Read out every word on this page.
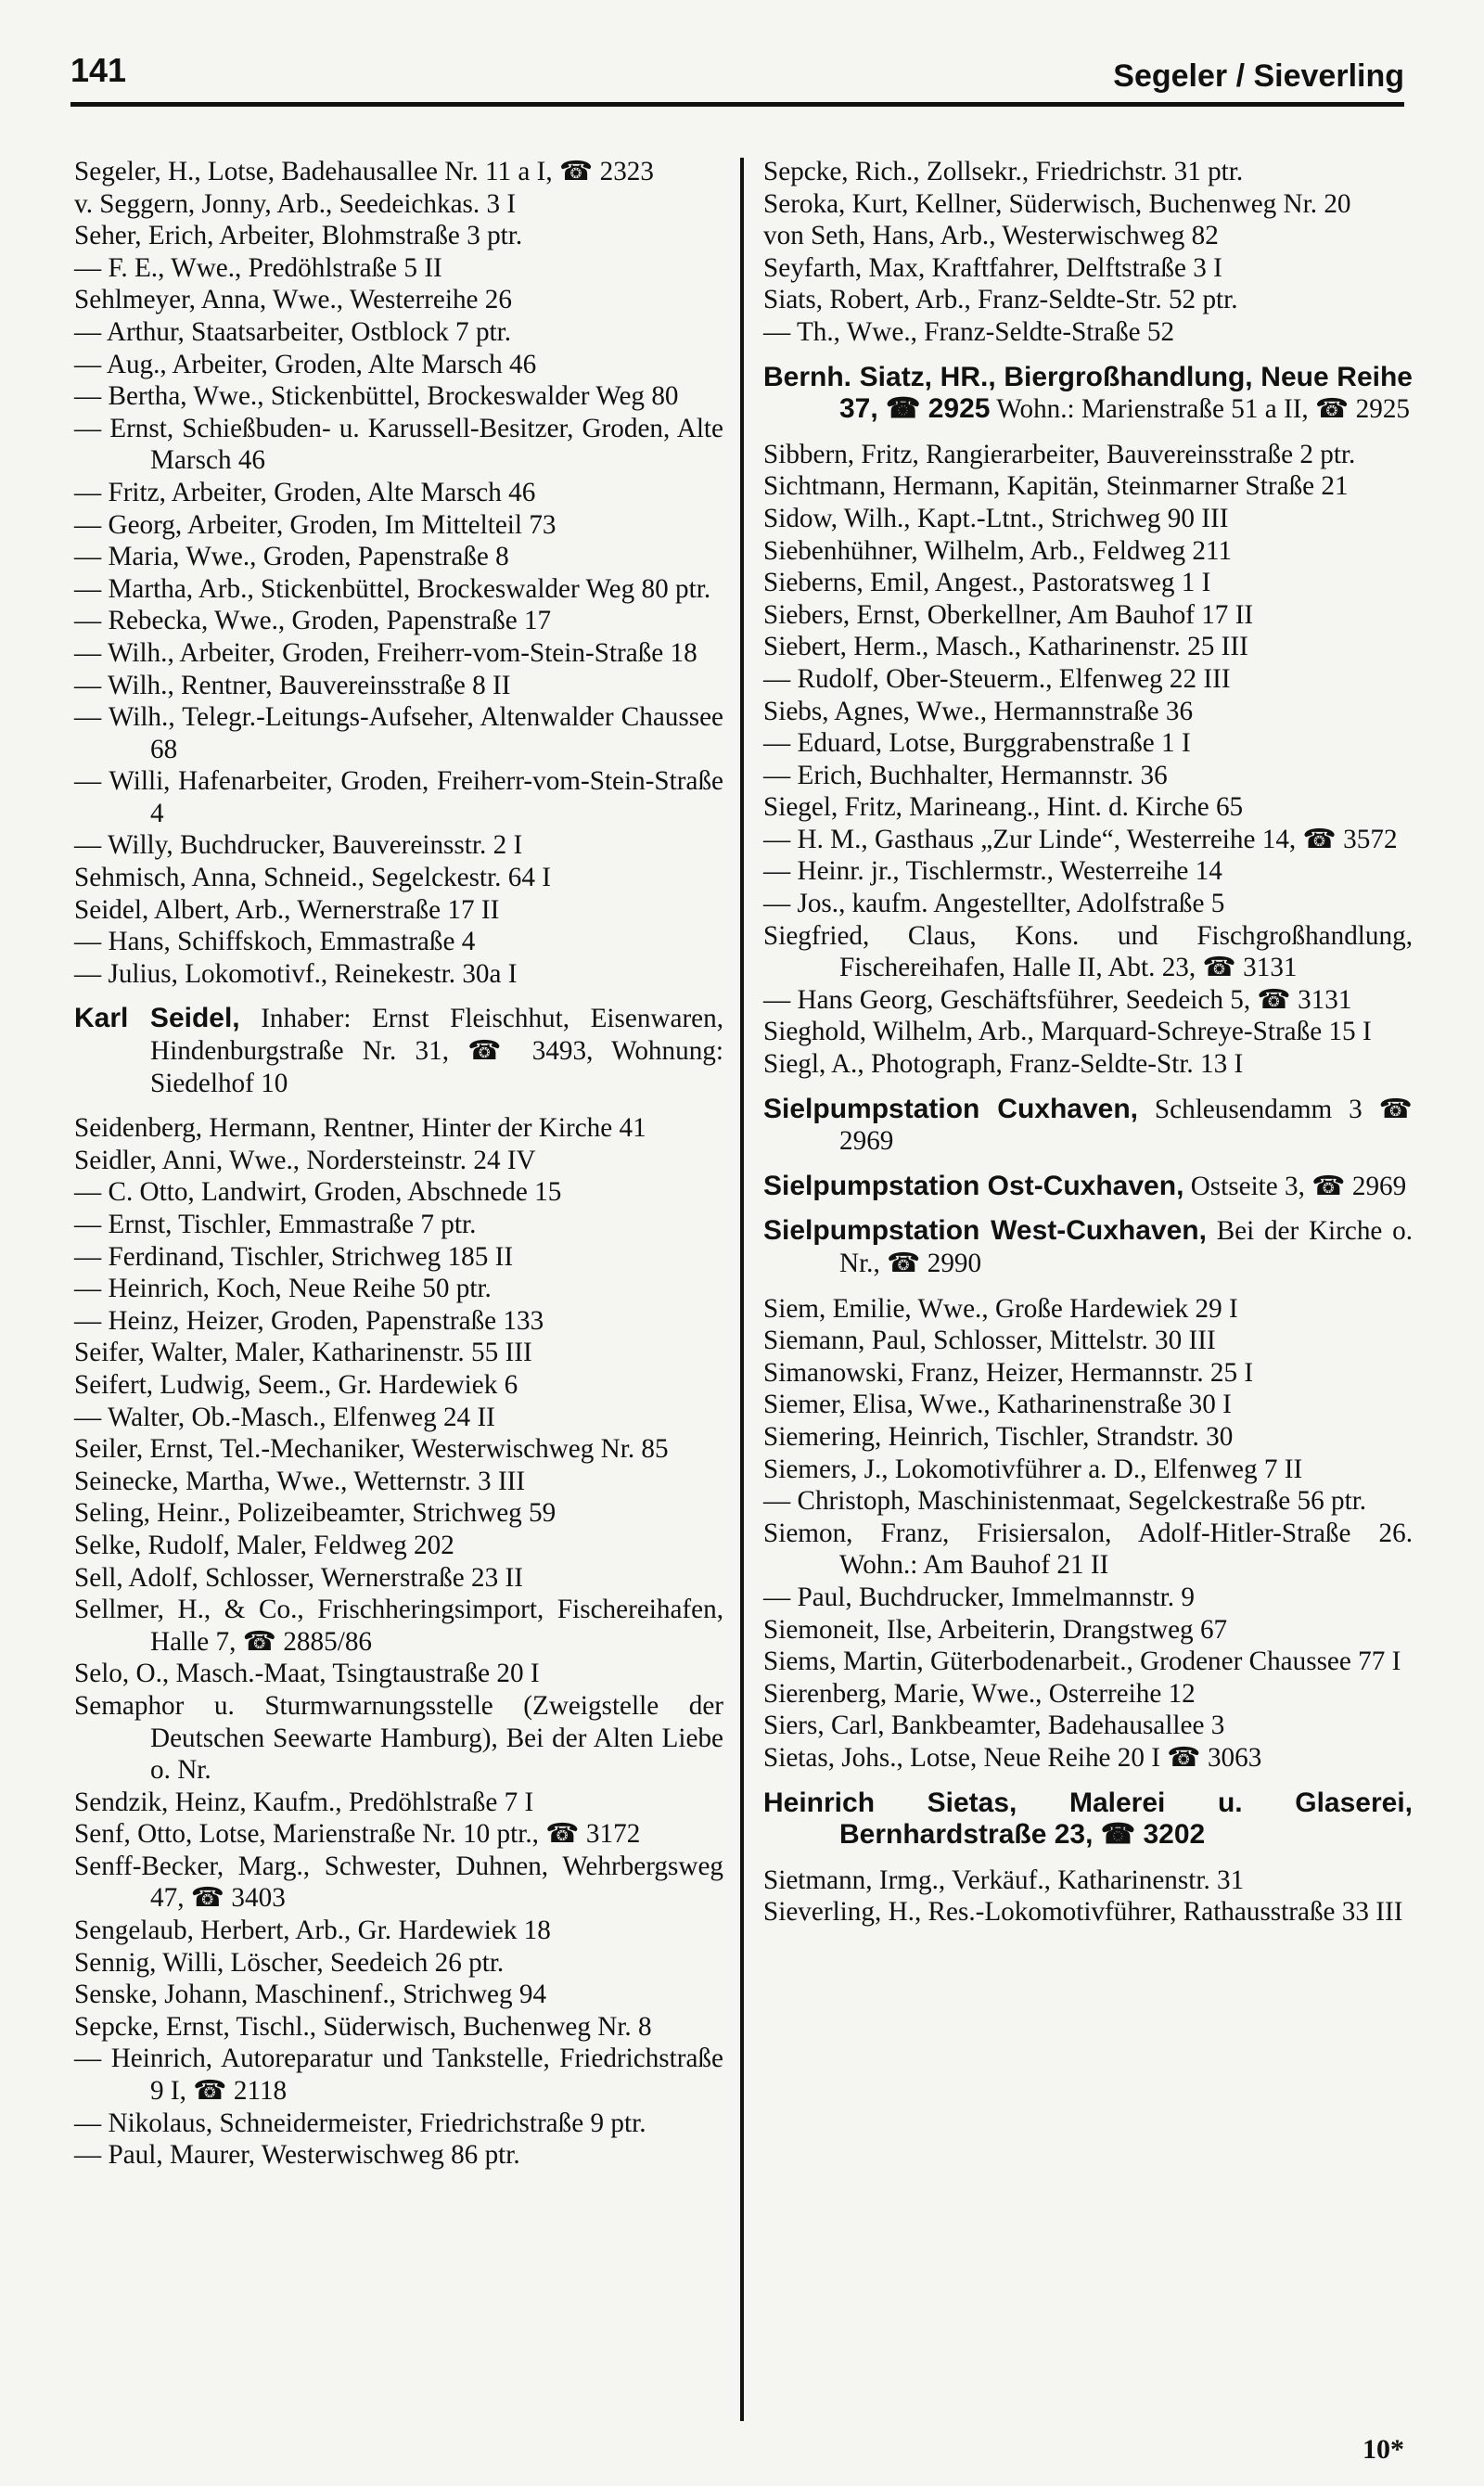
141	Segeler / Sieverling
Segeler, H., Lotse, Badehausallee Nr. 11 a I, ☎ 2323
v. Seggern, Jonny, Arb., Seedeichkas. 3 I
Seher, Erich, Arbeiter, Blohmstraße 3 ptr.
— F. E., Wwe., Predöhlstraße 5 II
Sehlmeyer, Anna, Wwe., Westerreihe 26
— Arthur, Staatsarbeiter, Ostblock 7 ptr.
— Aug., Arbeiter, Groden, Alte Marsch 46
— Bertha, Wwe., Stickenbüttel, Brockeswalder Weg 80
— Ernst, Schießbuden- u. Karussell-Besitzer, Groden, Alte Marsch 46
— Fritz, Arbeiter, Groden, Alte Marsch 46
— Georg, Arbeiter, Groden, Im Mittelteil 73
— Maria, Wwe., Groden, Papenstraße 8
— Martha, Arb., Stickenbüttel, Brockeswalder Weg 80 ptr.
— Rebecka, Wwe., Groden, Papenstraße 17
— Wilh., Arbeiter, Groden, Freiherr-vom-Stein-Straße 18
— Wilh., Rentner, Bauvereinsstraße 8 II
— Wilh., Telegr.-Leitungs-Aufseher, Altenwalder Chaussee 68
— Willi, Hafenarbeiter, Groden, Freiherr-vom-Stein-Straße 4
— Willy, Buchdrucker, Bauvereinsstr. 2 I
Sehmisch, Anna, Schneid., Segelckestr. 64 I
Seidel, Albert, Arb., Wernerstraße 17 II
— Hans, Schiffskoch, Emmastraße 4
— Julius, Lokomotivf., Reinekestr. 30a I
Karl Seidel, Inhaber: Ernst Fleischhut, Eisenwaren, Hindenburgstraße Nr. 31, ☎ 3493, Wohnung: Siedelhof 10
Seidenberg, Hermann, Rentner, Hinter der Kirche 41
Seidler, Anni, Wwe., Nordersteinstr. 24 IV
— C. Otto, Landwirt, Groden, Abschnede 15
— Ernst, Tischler, Emmastraße 7 ptr.
— Ferdinand, Tischler, Strichweg 185 II
— Heinrich, Koch, Neue Reihe 50 ptr.
— Heinz, Heizer, Groden, Papenstraße 133
Seifer, Walter, Maler, Katharinenstr. 55 III
Seifert, Ludwig, Seem., Gr. Hardewiek 6
— Walter, Ob.-Masch., Elfenweg 24 II
Seiler, Ernst, Tel.-Mechaniker, Westerwischweg Nr. 85
Seinecke, Martha, Wwe., Wetternstr. 3 III
Seling, Heinr., Polizeibeamter, Strichweg 59
Selke, Rudolf, Maler, Feldweg 202
Sell, Adolf, Schlosser, Wernerstraße 23 II
Sellmer, H., & Co., Frischheringsimport, Fischereihafen, Halle 7, ☎ 2885/86
Selo, O., Masch.-Maat, Tsingtaustraße 20 I
Semaphor u. Sturmwarnungsstelle (Zweigstelle der Deutschen Seewarte Hamburg), Bei der Alten Liebe o. Nr.
Sendzik, Heinz, Kaufm., Predöhlstraße 7 I
Senf, Otto, Lotse, Marienstraße Nr. 10 ptr., ☎ 3172
Senff-Becker, Marg., Schwester, Duhnen, Wehrbergsweg 47, ☎ 3403
Sengelaub, Herbert, Arb., Gr. Hardewiek 18
Sennig, Willi, Löscher, Seedeich 26 ptr.
Senske, Johann, Maschinenf., Strichweg 94
Sepcke, Ernst, Tischl., Süderwisch, Buchenweg Nr. 8
— Heinrich, Autoreparatur und Tankstelle, Friedrichstraße 9 I, ☎ 2118
— Nikolaus, Schneidermeister, Friedrichstraße 9 ptr.
— Paul, Maurer, Westerwischweg 86 ptr.
Sepcke, Rich., Zollsekr., Friedrichstr. 31 ptr.
Seroka, Kurt, Kellner, Süderwisch, Buchenweg Nr. 20
von Seth, Hans, Arb., Westerwischweg 82
Seyfarth, Max, Kraftfahrer, Delftstraße 3 I
Siats, Robert, Arb., Franz-Seldte-Str. 52 ptr.
— Th., Wwe., Franz-Seldte-Straße 52
Bernh. Siatz, HR., Biergroßhandlung, Neue Reihe 37, ☎ 2925 Wohn.: Marienstraße 51 a II, ☎ 2925
Sibbern, Fritz, Rangierarbeiter, Bauvereinsstraße 2 ptr.
Sichtmann, Hermann, Kapitän, Steinmarner Straße 21
Sidow, Wilh., Kapt.-Ltnt., Strichweg 90 III
Siebenhühner, Wilhelm, Arb., Feldweg 211
Sieberns, Emil, Angest., Pastoratsweg 1 I
Siebers, Ernst, Oberkellner, Am Bauhof 17 II
Siebert, Herm., Masch., Katharinenstr. 25 III
— Rudolf, Ober-Steuerm., Elfenweg 22 III
Siebs, Agnes, Wwe., Hermannstraße 36
— Eduard, Lotse, Burggrabenstraße 1 I
— Erich, Buchhalter, Hermannstr. 36
Siegel, Fritz, Marineang., Hint. d. Kirche 65
— H. M., Gasthaus „Zur Linde“, Westerreihe 14, ☎ 3572
— Heinr. jr., Tischlermstr., Westerreihe 14
— Jos., kaufm. Angestellter, Adolfstraße 5
Siegfried, Claus, Kons. und Fischgroßhandlung, Fischereihafen, Halle II, Abt. 23, ☎ 3131
— Hans Georg, Geschäftsführer, Seedeich 5, ☎ 3131
Sieghold, Wilhelm, Arb., Marquard-Schreye-Straße 15 I
Siegl, A., Photograph, Franz-Seldte-Str. 13 I
Sielpumpstation Cuxhaven, Schleusendamm 3 ☎ 2969
Sielpumpstation Ost-Cuxhaven, Ostseite 3, ☎ 2969
Sielpumpstation West-Cuxhaven, Bei der Kirche o. Nr., ☎ 2990
Siem, Emilie, Wwe., Große Hardewiek 29 I
Siemann, Paul, Schlosser, Mittelstr. 30 III
Simanowski, Franz, Heizer, Hermannstr. 25 I
Siemer, Elisa, Wwe., Katharinenstraße 30 I
Siemering, Heinrich, Tischler, Strandstr. 30
Siemers, J., Lokomotivführer a. D., Elfenweg 7 II
— Christoph, Maschinistenmaat, Segelckestraße 56 ptr.
Siemon, Franz, Frisiersalon, Adolf-Hitler-Straße 26. Wohn.: Am Bauhof 21 II
— Paul, Buchdrucker, Immelmannstr. 9
Siemoneit, Ilse, Arbeiterin, Drangstweg 67
Siems, Martin, Güterbodenarbeit., Grodener Chaussee 77 I
Sierenberg, Marie, Wwe., Osterreihe 12
Siers, Carl, Bankbeamter, Badehausallee 3
Sietas, Johs., Lotse, Neue Reihe 20 I ☎ 3063
Heinrich Sietas, Malerei u. Glaserei, Bernhardstraße 23, ☎ 3202
Sietmann, Irmg., Verkäuf., Katharinenstr. 31
Sieverling, H., Res.-Lokomotivführer, Rathausstraße 33 III
10*
